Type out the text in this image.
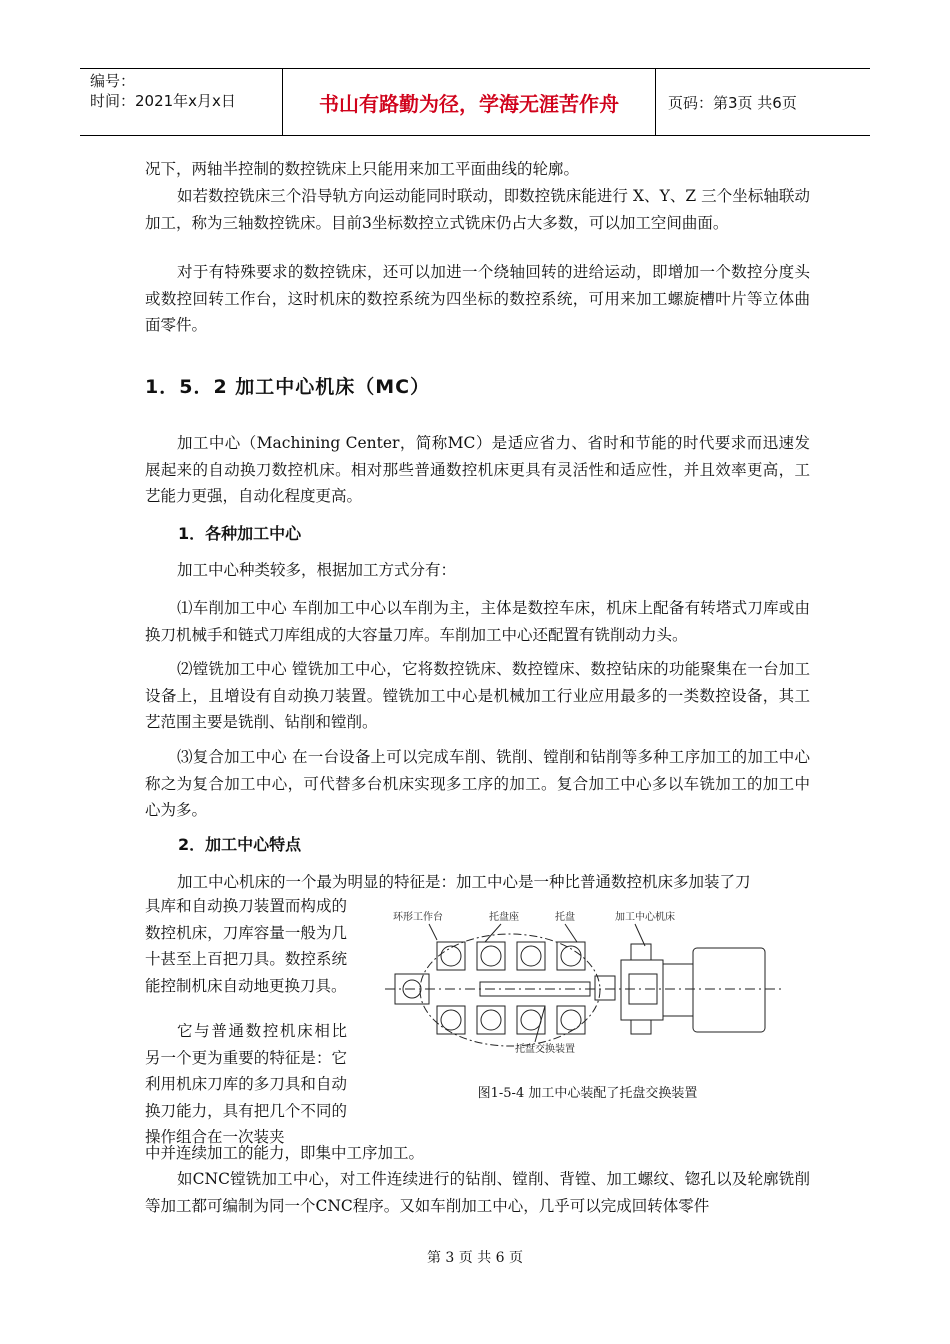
编号：
时间：2021年x月x日	书山有路勤为径，学海无涯苦作舟	页码：第3页 共6页

况下，两轴半控制的数控铣床上只能用来加工平面曲线的轮廓。

如若数控铣床三个沿导轨方向运动能同时联动，即数控铣床能进行 X、Y、Z 三个坐标轴联动加工，称为三轴数控铣床。目前3坐标数控立式铣床仍占大多数，可以加工空间曲面。

对于有特殊要求的数控铣床，还可以加进一个绕轴回转的进给运动，即增加一个数控分度头或数控回转工作台，这时机床的数控系统为四坐标的数控系统，可用来加工螺旋槽叶片等立体曲面零件。

1．5．2 加工中心机床（MC）

加工中心（Machining Center，简称MC）是适应省力、省时和节能的时代要求而迅速发展起来的自动换刀数控机床。相对那些普通数控机床更具有灵活性和适应性，并且效率更高，工艺能力更强，自动化程度更高。

1．各种加工中心

加工中心种类较多，根据加工方式分有：

⑴车削加工中心 车削加工中心以车削为主，主体是数控车床，机床上配备有转塔式刀库或由换刀机械手和链式刀库组成的大容量刀库。车削加工中心还配置有铣削动力头。

⑵镗铣加工中心 镗铣加工中心，它将数控铣床、数控镗床、数控钻床的功能聚集在一台加工设备上，且增设有自动换刀装置。镗铣加工中心是机械加工行业应用最多的一类数控设备，其工艺范围主要是铣削、钻削和镗削。

⑶复合加工中心 在一台设备上可以完成车削、铣削、镗削和钻削等多种工序加工的加工中心称之为复合加工中心，可代替多台机床实现多工序的加工。复合加工中心多以车铣加工的加工中心为多。

2．加工中心特点

加工中心机床的一个最为明显的特征是：加工中心是一种比普通数控机床多加装了刀

具库和自动换刀装置而构成的数控机床，刀库容量一般为几十甚至上百把刀具。数控系统能控制机床自动地更换刀具。

它与普通数控机床相比另一个更为重要的特征是：它利用机床刀库的多刀具和自动换刀能力，具有把几个不同的操作组合在一次装夹

中并连续加工的能力，即集中工序加工。

如CNC镗铣加工中心，对工件连续进行的钻削、镗削、背镗、加工螺纹、锪孔以及轮廓铣削等加工都可编制为同一个CNC程序。又如车削加工中心，几乎可以完成回转体零件

环形工作台	托盘座	托盘	加工中心机床
托盘交换装置
图1-5-4 加工中心装配了托盘交换装置
第 3 页 共 6 页
